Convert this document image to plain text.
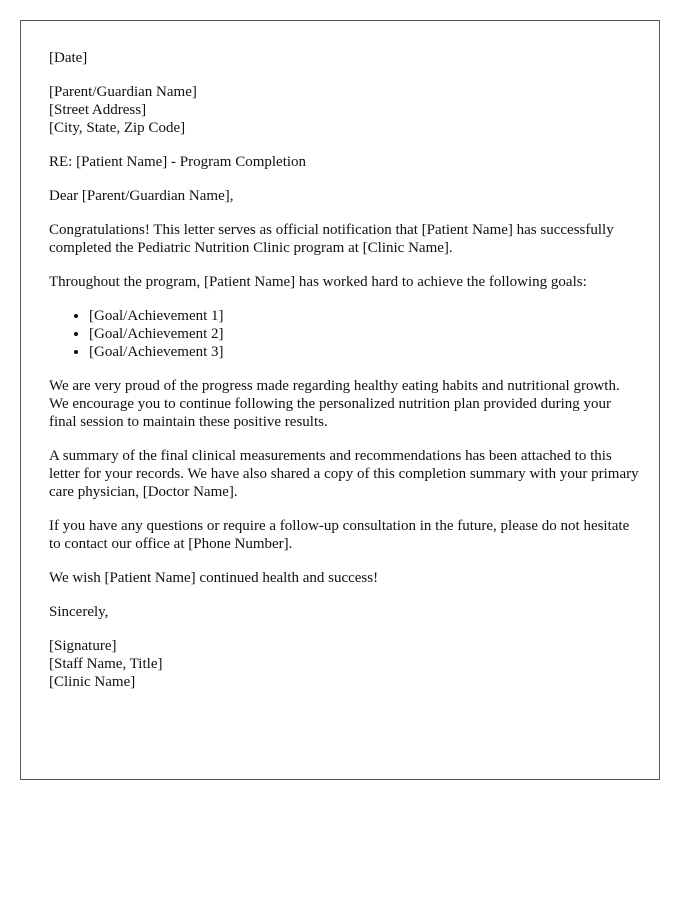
[Date]
[Parent/Guardian Name]
[Street Address]
[City, State, Zip Code]

RE: [Patient Name] - Program Completion

Dear [Parent/Guardian Name],

Congratulations! This letter serves as official notification that [Patient Name] has successfully completed the Pediatric Nutrition Clinic program at [Clinic Name].

Throughout the program, [Patient Name] has worked hard to achieve the following goals:

• [Goal/Achievement 1]
• [Goal/Achievement 2]
• [Goal/Achievement 3]

We are very proud of the progress made regarding healthy eating habits and nutritional growth. We encourage you to continue following the personalized nutrition plan provided during your final session to maintain these positive results.

A summary of the final clinical measurements and recommendations has been attached to this letter for your records. We have also shared a copy of this completion summary with your primary care physician, [Doctor Name].

If you have any questions or require a follow-up consultation in the future, please do not hesitate to contact our office at [Phone Number].

We wish [Patient Name] continued health and success!

Sincerely,

[Signature]
[Staff Name, Title]
[Clinic Name]
